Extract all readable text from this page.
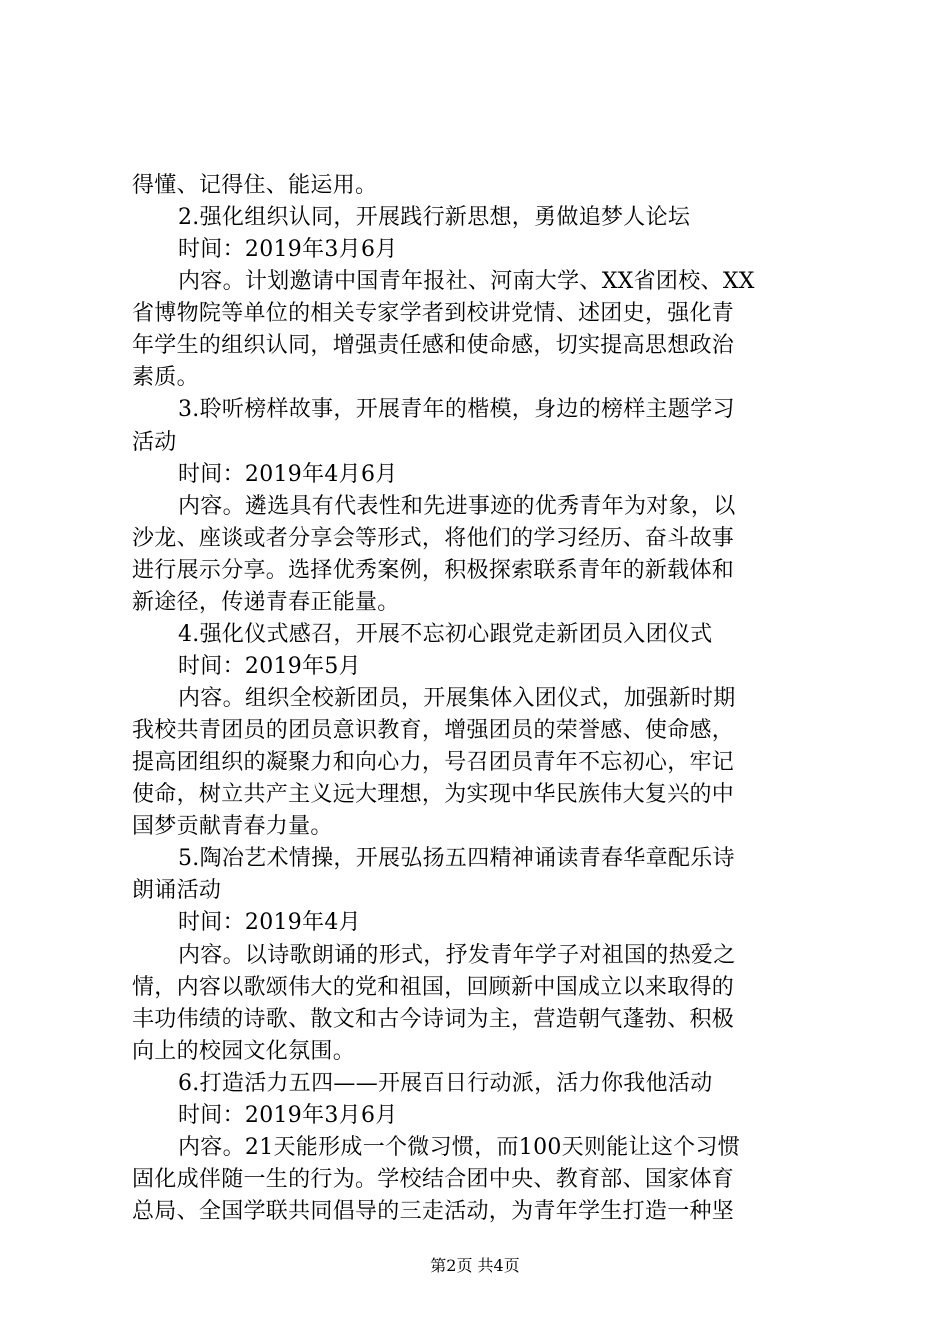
得懂、记得住、能运用。
2.强化组织认同，开展践行新思想，勇做追梦人论坛
时间：2019年3月6月
内容。计划邀请中国青年报社、河南大学、XX省团校、XX
省博物院等单位的相关专家学者到校讲党情、述团史，强化青
年学生的组织认同，增强责任感和使命感，切实提高思想政治
素质。
3.聆听榜样故事，开展青年的楷模，身边的榜样主题学习
活动
时间：2019年4月6月
内容。遴选具有代表性和先进事迹的优秀青年为对象，以
沙龙、座谈或者分享会等形式，将他们的学习经历、奋斗故事
进行展示分享。选择优秀案例，积极探索联系青年的新载体和
新途径，传递青春正能量。
4.强化仪式感召，开展不忘初心跟党走新团员入团仪式
时间：2019年5月
内容。组织全校新团员，开展集体入团仪式，加强新时期
我校共青团员的团员意识教育，增强团员的荣誉感、使命感，
提高团组织的凝聚力和向心力，号召团员青年不忘初心，牢记
使命，树立共产主义远大理想，为实现中华民族伟大复兴的中
国梦贡献青春力量。
5.陶冶艺术情操，开展弘扬五四精神诵读青春华章配乐诗
朗诵活动
时间：2019年4月
内容。以诗歌朗诵的形式，抒发青年学子对祖国的热爱之
情，内容以歌颂伟大的党和祖国，回顾新中国成立以来取得的
丰功伟绩的诗歌、散文和古今诗词为主，营造朝气蓬勃、积极
向上的校园文化氛围。
6.打造活力五四——开展百日行动派，活力你我他活动
时间：2019年3月6月
内容。21天能形成一个微习惯，而100天则能让这个习惯
固化成伴随一生的行为。学校结合团中央、教育部、国家体育
总局、全国学联共同倡导的三走活动，为青年学生打造一种坚
第2页 共4页
